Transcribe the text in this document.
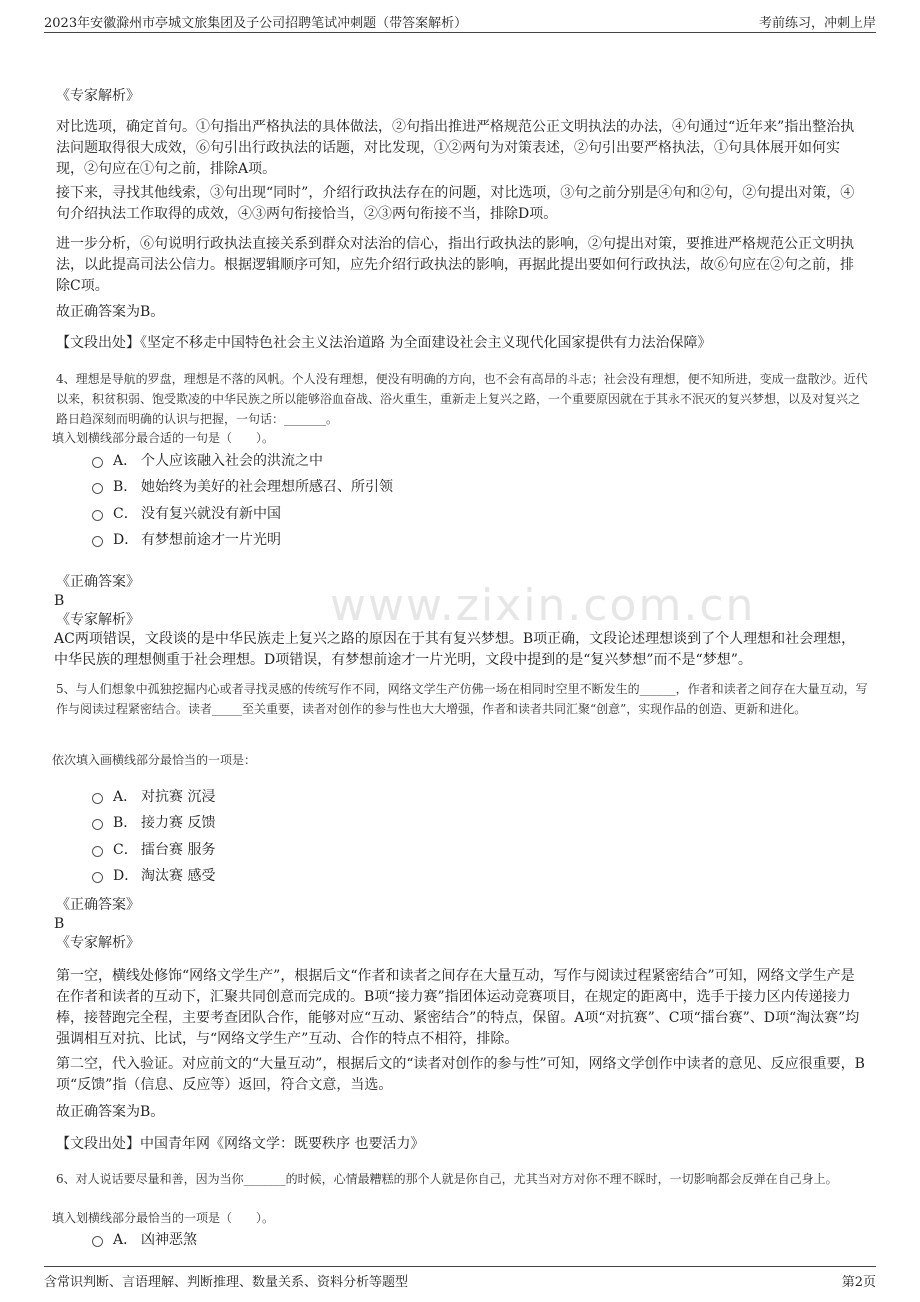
2023年安徽滁州市亭城文旅集团及子公司招聘笔试冲刺题（带答案解析）	考前练习，冲刺上岸
www.zixin.com.cn

《专家解析》

对比选项，确定首句。①句指出严格执法的具体做法，②句指出推进严格规范公正文明执法的办法，④句通过“近年来”指出整治执法问题取得很大成效，⑥句引出行政执法的话题，对比发现，①②两句为对策表述，②句引出要严格执法，①句具体展开如何实现，②句应在①句之前，排除A项。

接下来，寻找其他线索，③句出现“同时”，介绍行政执法存在的问题，对比选项，③句之前分别是④句和②句，②句提出对策，④句介绍执法工作取得的成效，④③两句衔接恰当，②③两句衔接不当，排除D项。

进一步分析，⑥句说明行政执法直接关系到群众对法治的信心，指出行政执法的影响，②句提出对策，要推进严格规范公正文明执法，以此提高司法公信力。根据逻辑顺序可知，应先介绍行政执法的影响，再据此提出要如何行政执法，故⑥句应在②句之前，排除C项。

故正确答案为B。

【文段出处】《坚定不移走中国特色社会主义法治道路 为全面建设社会主义现代化国家提供有力法治保障》

4、理想是导航的罗盘，理想是不落的风帆。个人没有理想，便没有明确的方向，也不会有高昂的斗志；社会没有理想，便不知所进，变成一盘散沙。近代以来，积贫积弱、饱受欺凌的中华民族之所以能够浴血奋战、浴火重生，重新走上复兴之路，一个重要原因就在于其永不泯灭的复兴梦想，以及对复兴之路日趋深刻而明确的认识与把握，一句话：_______。

填入划横线部分最合适的一句是（　　）。

A． 个人应该融入社会的洪流之中
B． 她始终为美好的社会理想所感召、所引领
C． 没有复兴就没有新中国
D． 有梦想前途才一片光明

《正确答案》

B

《专家解析》

AC两项错误，文段谈的是中华民族走上复兴之路的原因在于其有复兴梦想。B项正确，文段论述理想谈到了个人理想和社会理想，中华民族的理想侧重于社会理想。D项错误，有梦想前途才一片光明，文段中提到的是“复兴梦想”而不是“梦想”。

5、与人们想象中孤独挖掘内心或者寻找灵感的传统写作不同，网络文学生产仿佛一场在相同时空里不断发生的______，作者和读者之间存在大量互动，写作与阅读过程紧密结合。读者_____至关重要，读者对创作的参与性也大大增强，作者和读者共同汇聚“创意”，实现作品的创造、更新和进化。

依次填入画横线部分最恰当的一项是：

A． 对抗赛 沉浸
B． 接力赛 反馈
C． 擂台赛 服务
D． 淘汰赛 感受

《正确答案》

B

《专家解析》

第一空，横线处修饰“网络文学生产”，根据后文“作者和读者之间存在大量互动，写作与阅读过程紧密结合”可知，网络文学生产是在作者和读者的互动下，汇聚共同创意而完成的。B项“接力赛”指团体运动竞赛项目，在规定的距离中，选手于接力区内传递接力棒，接替跑完全程，主要考查团队合作，能够对应“互动、紧密结合”的特点，保留。A项“对抗赛”、C项“擂台赛”、D项“淘汰赛”均强调相互对抗、比试，与“网络文学生产”互动、合作的特点不相符，排除。

第二空，代入验证。对应前文的“大量互动”，根据后文的“读者对创作的参与性”可知，网络文学创作中读者的意见、反应很重要，B项“反馈”指（信息、反应等）返回，符合文意，当选。

故正确答案为B。

【文段出处】中国青年网《网络文学：既要秩序 也要活力》

6、对人说话要尽量和善，因为当你_______的时候，心情最糟糕的那个人就是你自己，尤其当对方对你不理不睬时，一切影响都会反弹在自己身上。

填入划横线部分最恰当的一项是（　　）。

A． 凶神恶煞
含常识判断、言语理解、判断推理、数量关系、资料分析等题型	第2页
